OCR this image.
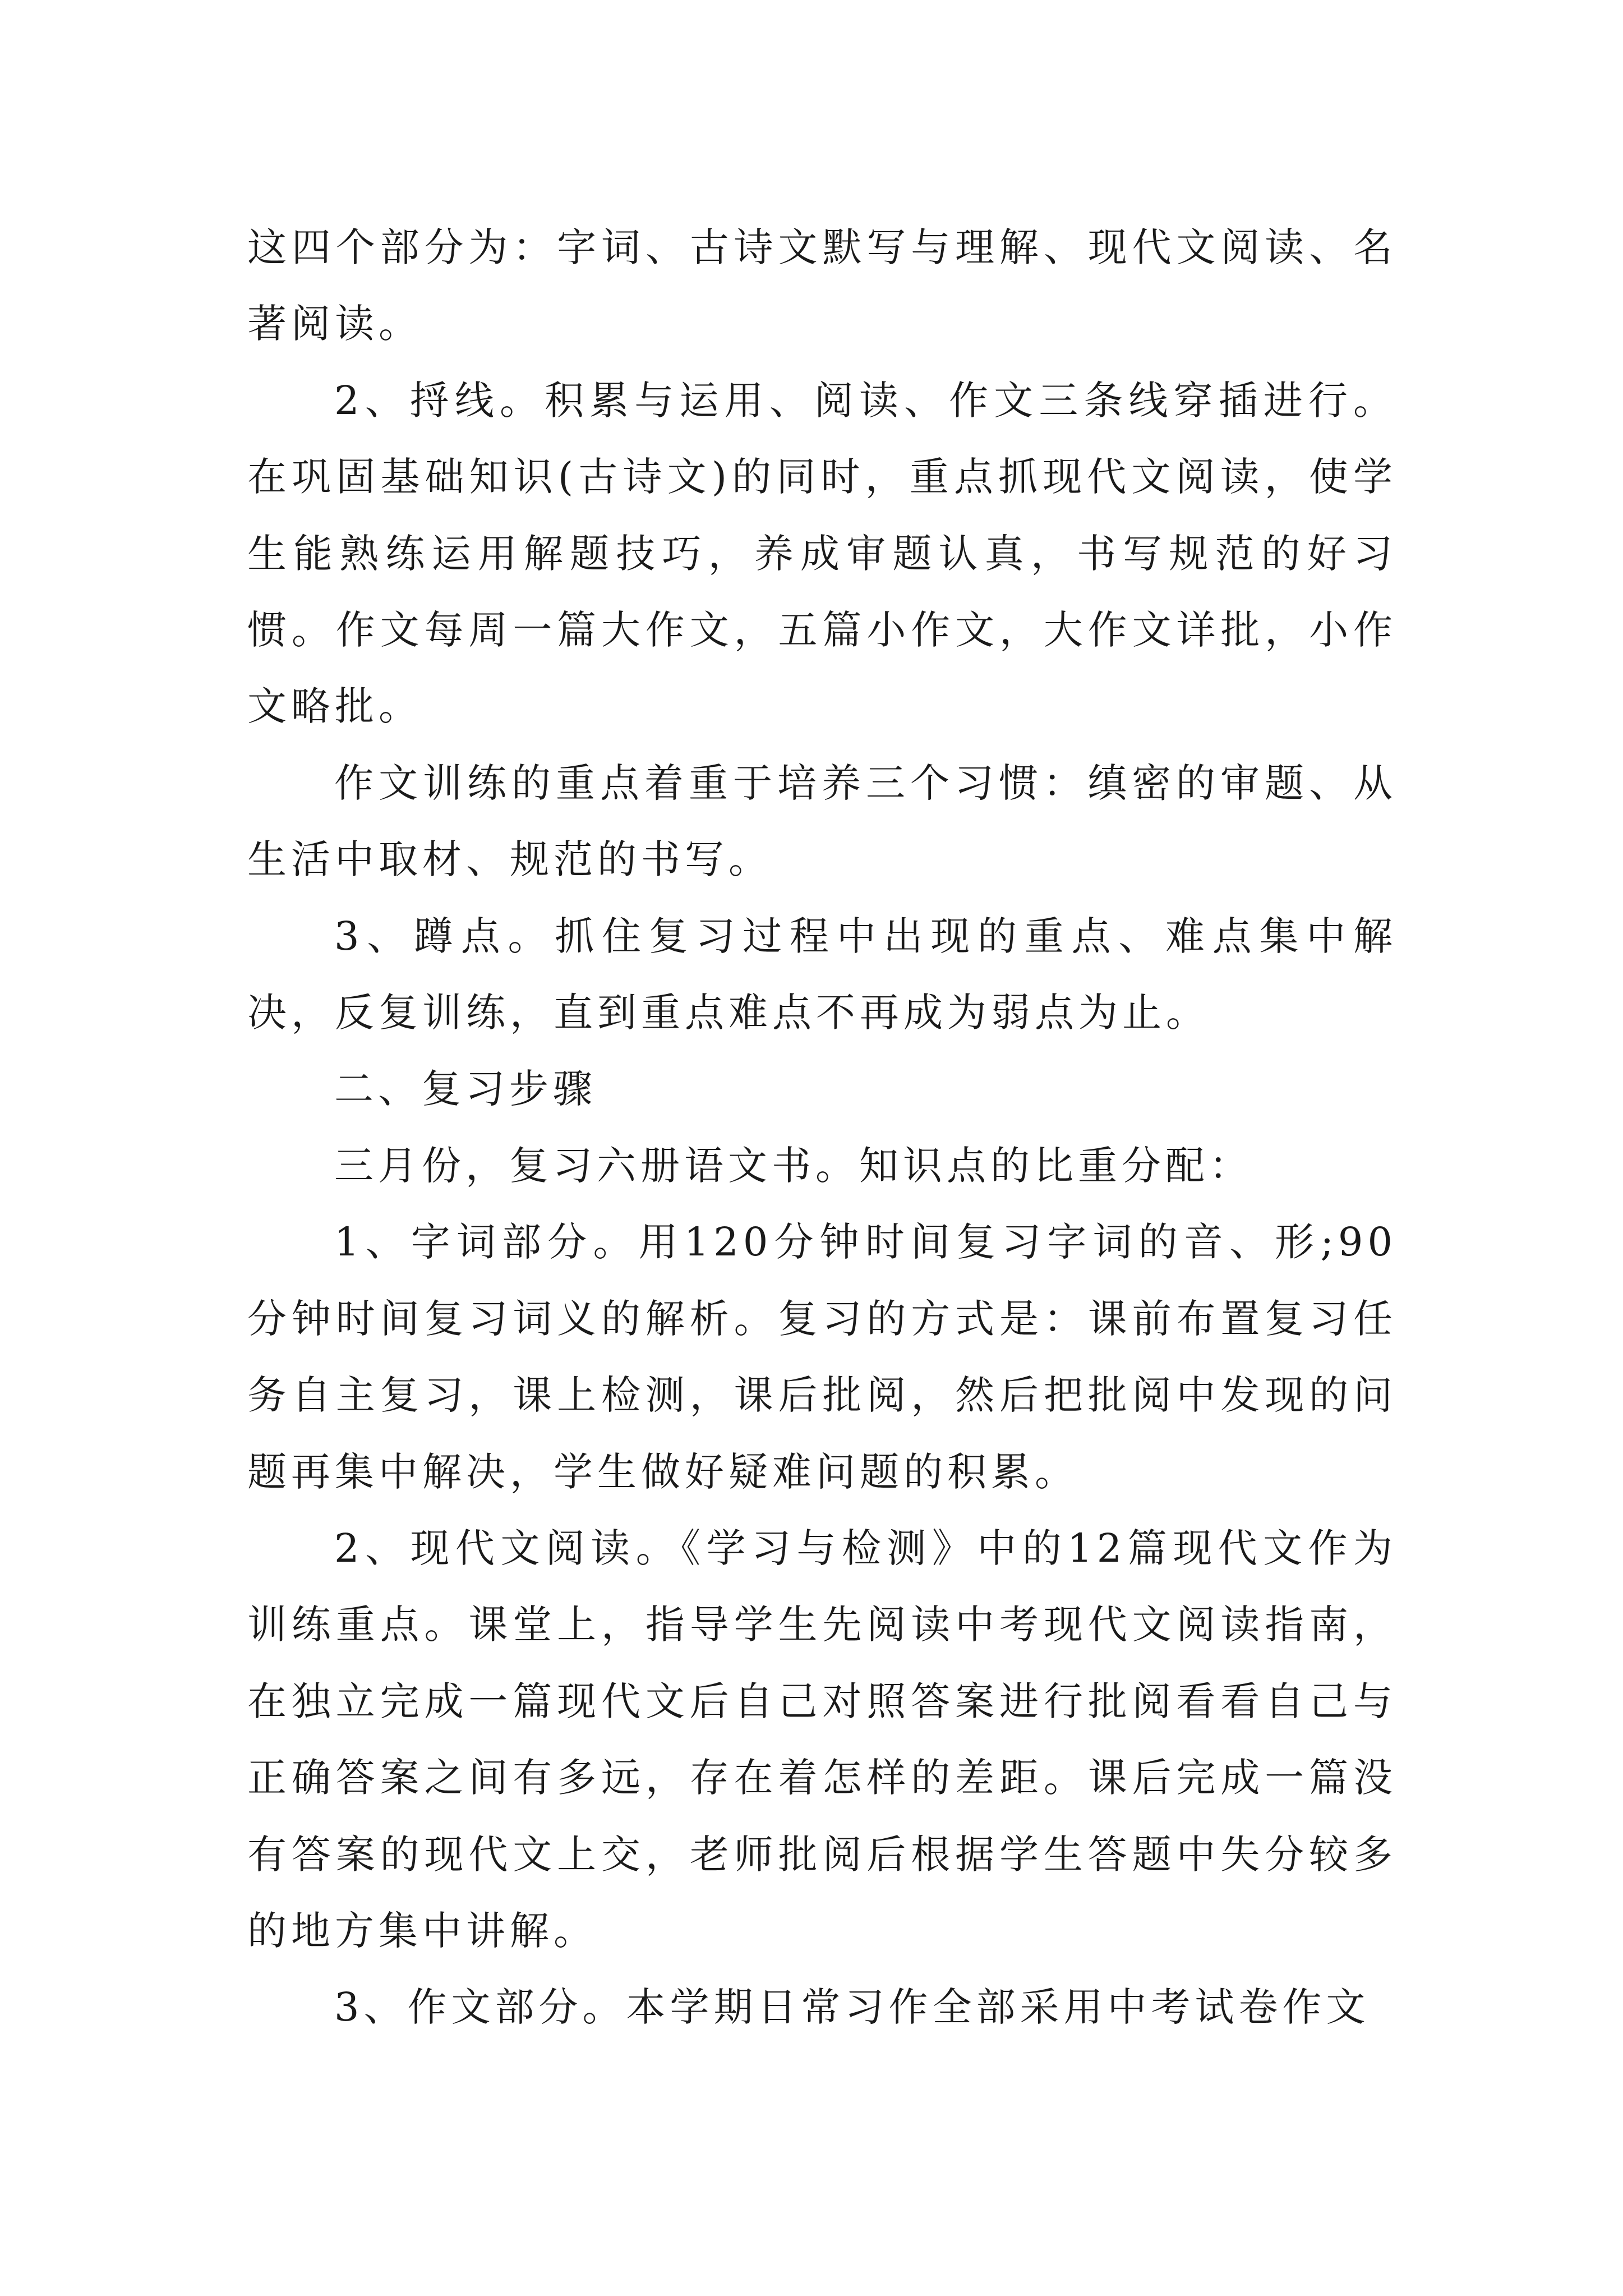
这四个部分为：字词、古诗文默写与理解、现代文阅读、名著阅读。

2、捋线。积累与运用、阅读、作文三条线穿插进行。在巩固基础知识(古诗文)的同时，重点抓现代文阅读，使学生能熟练运用解题技巧，养成审题认真，书写规范的好习惯。作文每周一篇大作文，五篇小作文，大作文详批，小作文略批。

作文训练的重点着重于培养三个习惯：缜密的审题、从生活中取材、规范的书写。

3、蹲点。抓住复习过程中出现的重点、难点集中解决，反复训练，直到重点难点不再成为弱点为止。

二、复习步骤

三月份，复习六册语文书。知识点的比重分配：

1、字词部分。用120分钟时间复习字词的音、形;90分钟时间复习词义的解析。复习的方式是：课前布置复习任务自主复习，课上检测，课后批阅，然后把批阅中发现的问题再集中解决，学生做好疑难问题的积累。

2、现代文阅读。《学习与检测》中的12篇现代文作为训练重点。课堂上，指导学生先阅读中考现代文阅读指南，在独立完成一篇现代文后自己对照答案进行批阅看看自己与正确答案之间有多远，存在着怎样的差距。课后完成一篇没有答案的现代文上交，老师批阅后根据学生答题中失分较多的地方集中讲解。

3、作文部分。本学期日常习作全部采用中考试卷作文
